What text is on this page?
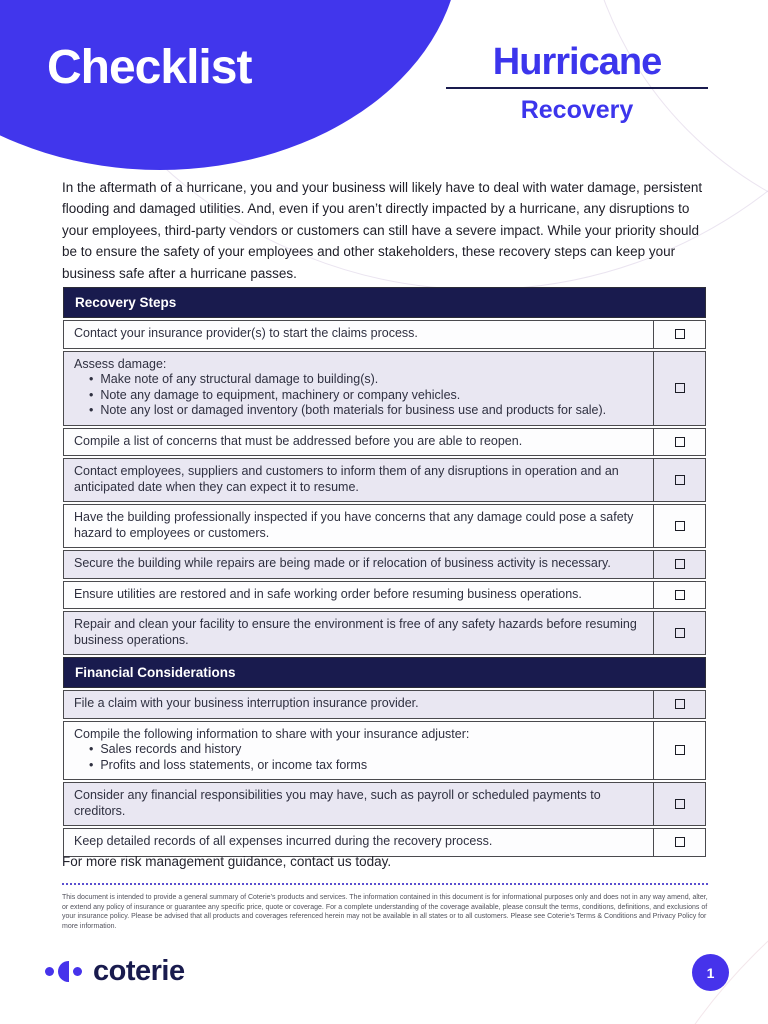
Checklist	Hurricane
Recovery

In the aftermath of a hurricane, you and your business will likely have to deal with water damage, persistent flooding and damaged utilities. And, even if you aren’t directly impacted by a hurricane, any disruptions to your employees, third-party vendors or customers can still have a severe impact. While your priority should be to ensure the safety of your employees and other stakeholders, these recovery steps can keep your business safe after a hurricane passes.

Recovery Steps
Contact your insurance provider(s) to start the claims process.
Assess damage:
•  Make note of any structural damage to building(s).
•  Note any damage to equipment, machinery or company vehicles.
•  Note any lost or damaged inventory (both materials for business use and products for sale).
Compile a list of concerns that must be addressed before you are able to reopen.
Contact employees, suppliers and customers to inform them of any disruptions in operation and an anticipated date when they can expect it to resume.
Have the building professionally inspected if you have concerns that any damage could pose a safety hazard to employees or customers.
Secure the building while repairs are being made or if relocation of business activity is necessary.
Ensure utilities are restored and in safe working order before resuming business operations.
Repair and clean your facility to ensure the environment is free of any safety hazards before resuming business operations.
Financial Considerations
File a claim with your business interruption insurance provider.
Compile the following information to share with your insurance adjuster:
•  Sales records and history
•  Profits and loss statements, or income tax forms
Consider any financial responsibilities you may have, such as payroll or scheduled payments to creditors.
Keep detailed records of all expenses incurred during the recovery process.

For more risk management guidance, contact us today.

This document is intended to provide a general summary of Coterie’s products and services. The information contained in this document is for informational purposes only and does not in any way amend, alter, or extend any policy of insurance or guarantee any specific price, quote or coverage. For a complete understanding of the coverage available, please consult the terms, conditions, definitions, and exclusions of your insurance policy. Please be advised that all products and coverages referenced herein may not be available in all states or to all customers. Please see Coterie’s Terms & Conditions and Privacy Policy for more information.

coterie	1
